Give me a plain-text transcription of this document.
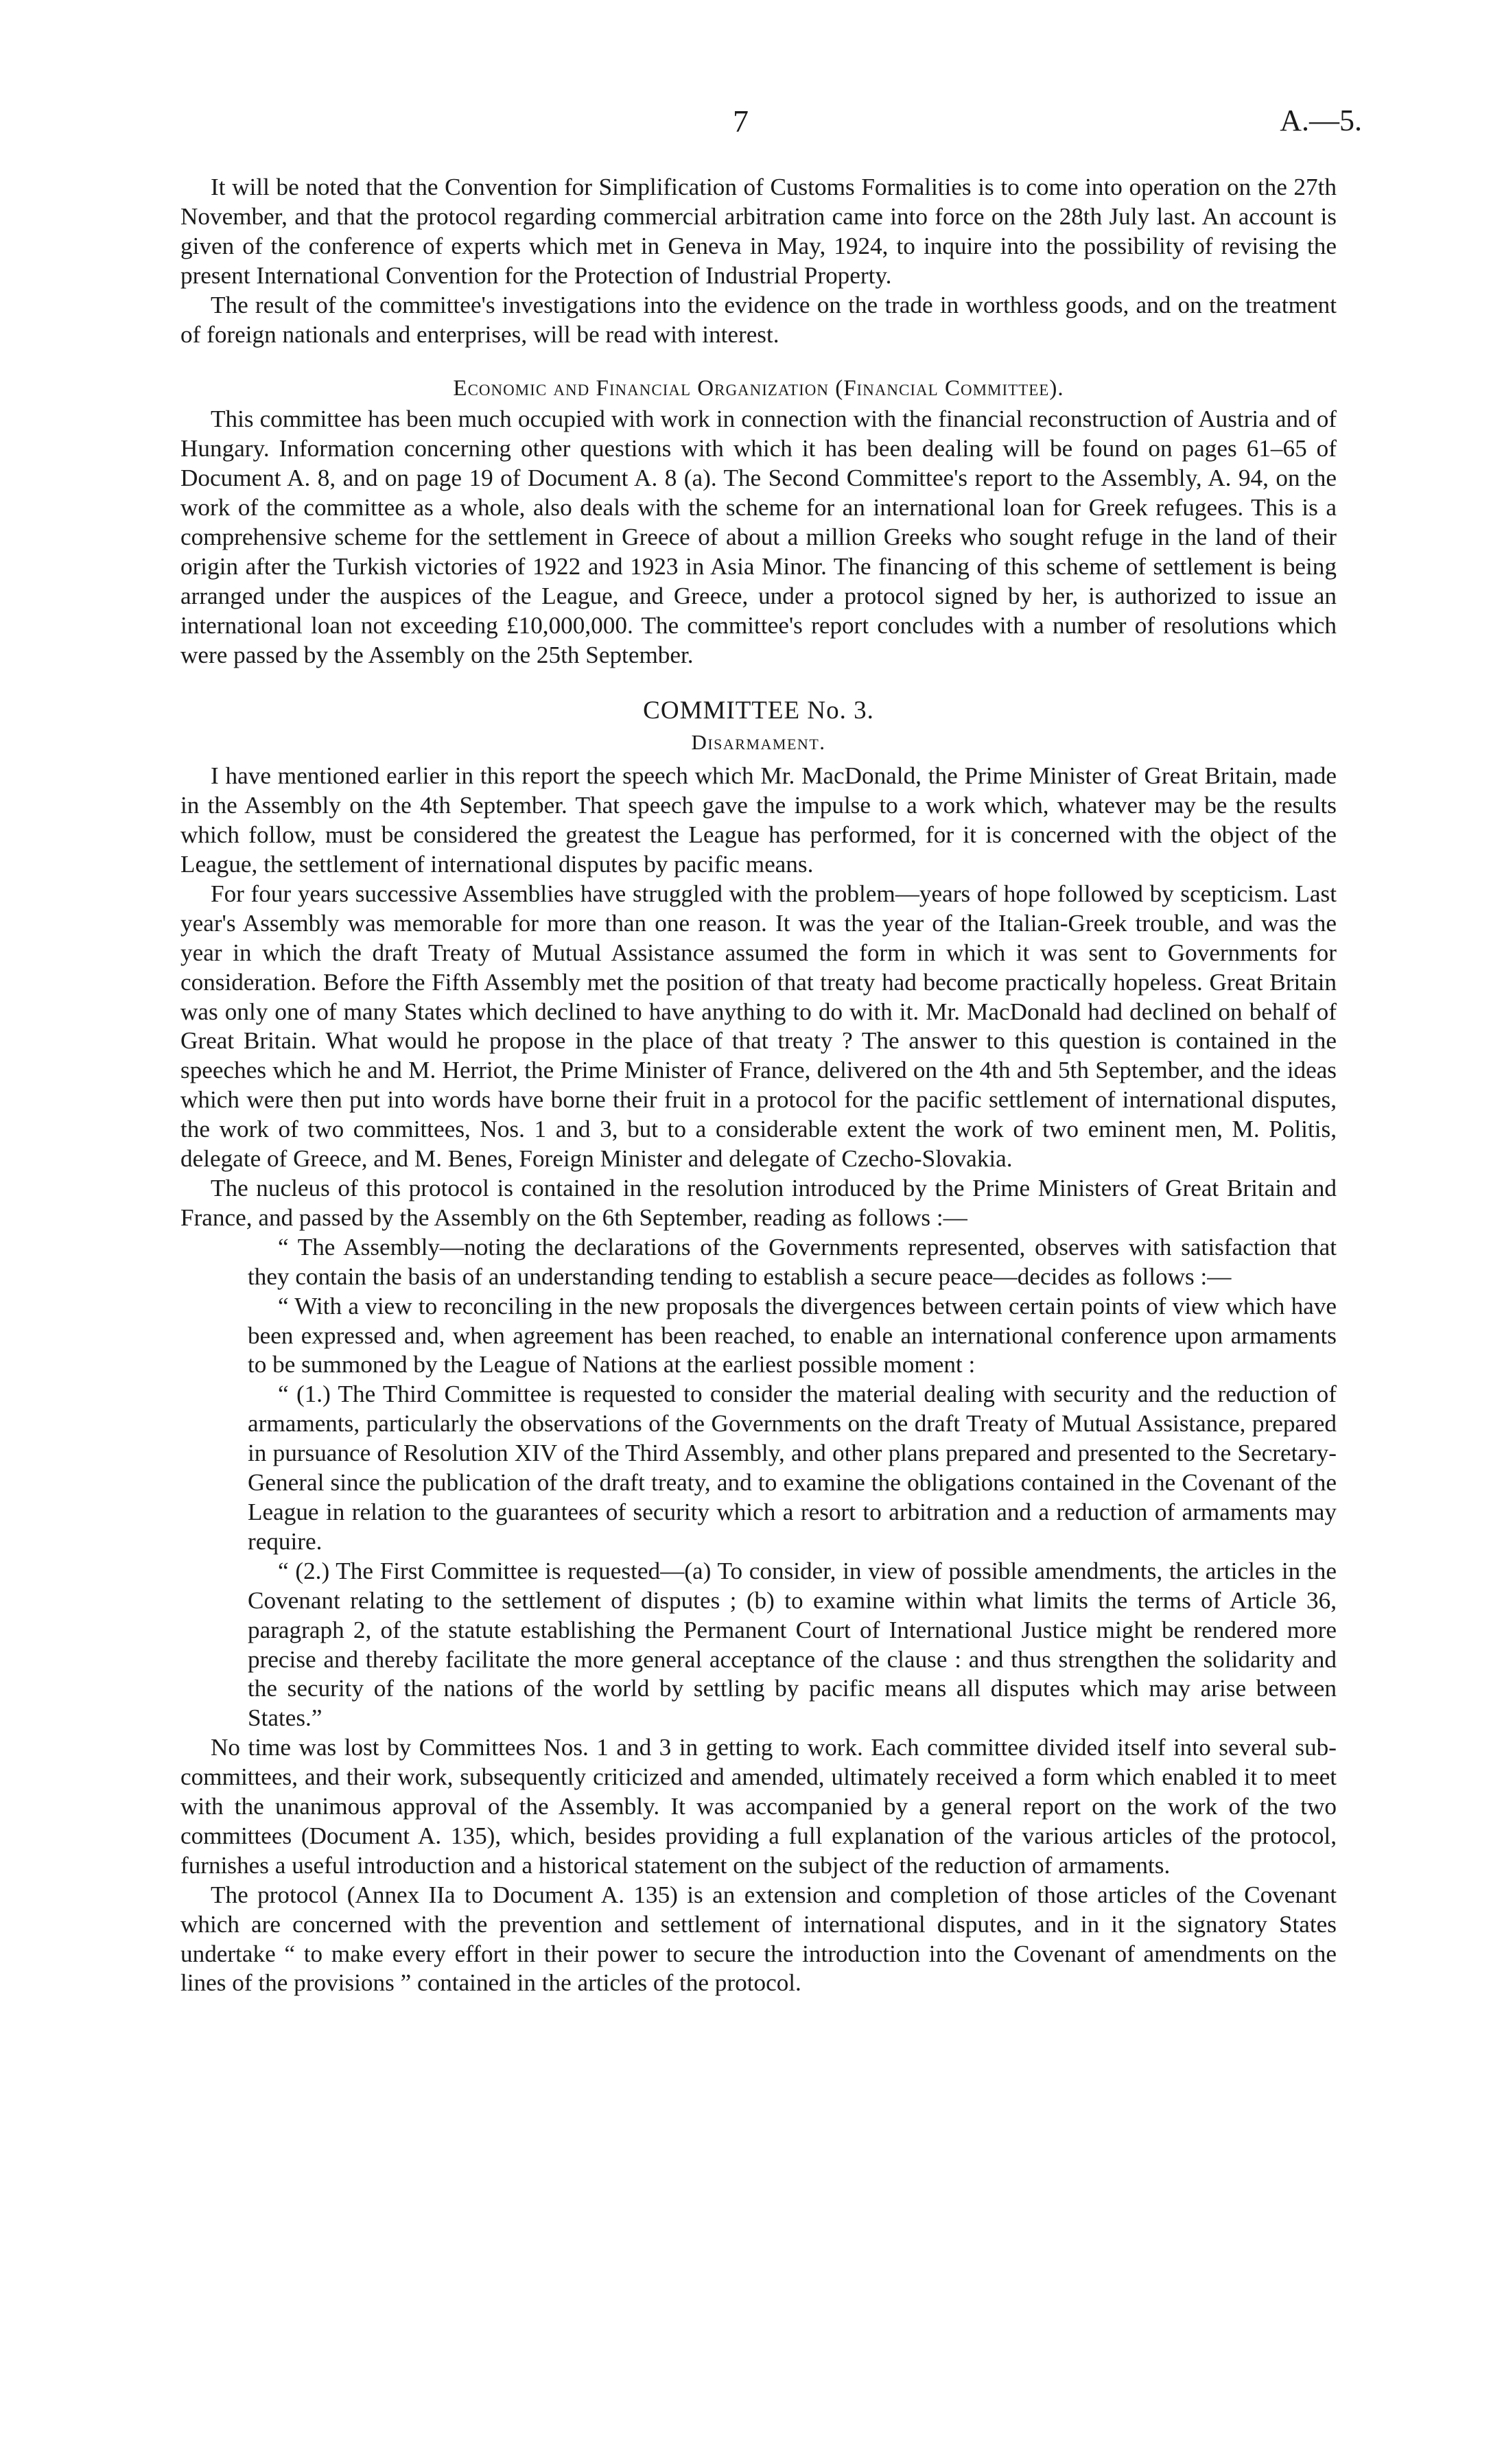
7	A.—5.

It will be noted that the Convention for Simplification of Customs Formalities is to come into operation on the 27th November, and that the protocol regarding commercial arbitration came into force on the 28th July last. An account is given of the conference of experts which met in Geneva in May, 1924, to inquire into the possibility of revising the present International Convention for the Protection of Industrial Property.

The result of the committee's investigations into the evidence on the trade in worthless goods, and on the treatment of foreign nationals and enterprises, will be read with interest.

Economic and Financial Organization (Financial Committee).

This committee has been much occupied with work in connection with the financial reconstruction of Austria and of Hungary. Information concerning other questions with which it has been dealing will be found on pages 61–65 of Document A. 8, and on page 19 of Document A. 8 (a). The Second Committee's report to the Assembly, A. 94, on the work of the committee as a whole, also deals with the scheme for an international loan for Greek refugees. This is a comprehensive scheme for the settlement in Greece of about a million Greeks who sought refuge in the land of their origin after the Turkish victories of 1922 and 1923 in Asia Minor. The financing of this scheme of settlement is being arranged under the auspices of the League, and Greece, under a protocol signed by her, is authorized to issue an international loan not exceeding £10,000,000. The committee's report concludes with a number of resolutions which were passed by the Assembly on the 25th September.

COMMITTEE No. 3.
Disarmament.

I have mentioned earlier in this report the speech which Mr. MacDonald, the Prime Minister of Great Britain, made in the Assembly on the 4th September. That speech gave the impulse to a work which, whatever may be the results which follow, must be considered the greatest the League has performed, for it is concerned with the object of the League, the settlement of international disputes by pacific means.

For four years successive Assemblies have struggled with the problem—years of hope followed by scepticism. Last year's Assembly was memorable for more than one reason. It was the year of the Italian-Greek trouble, and was the year in which the draft Treaty of Mutual Assistance assumed the form in which it was sent to Governments for consideration. Before the Fifth Assembly met the position of that treaty had become practically hopeless. Great Britain was only one of many States which declined to have anything to do with it. Mr. MacDonald had declined on behalf of Great Britain. What would he propose in the place of that treaty ? The answer to this question is contained in the speeches which he and M. Herriot, the Prime Minister of France, delivered on the 4th and 5th September, and the ideas which were then put into words have borne their fruit in a protocol for the pacific settlement of international disputes, the work of two committees, Nos. 1 and 3, but to a considerable extent the work of two eminent men, M. Politis, delegate of Greece, and M. Benes, Foreign Minister and delegate of Czecho-Slovakia.

The nucleus of this protocol is contained in the resolution introduced by the Prime Ministers of Great Britain and France, and passed by the Assembly on the 6th September, reading as follows :—

“ The Assembly—noting the declarations of the Governments represented, observes with satisfaction that they contain the basis of an understanding tending to establish a secure peace—decides as follows :—

“ With a view to reconciling in the new proposals the divergences between certain points of view which have been expressed and, when agreement has been reached, to enable an international conference upon armaments to be summoned by the League of Nations at the earliest possible moment :

“ (1.) The Third Committee is requested to consider the material dealing with security and the reduction of armaments, particularly the observations of the Governments on the draft Treaty of Mutual Assistance, prepared in pursuance of Resolution XIV of the Third Assembly, and other plans prepared and presented to the Secretary-General since the publication of the draft treaty, and to examine the obligations contained in the Covenant of the League in relation to the guarantees of security which a resort to arbitration and a reduction of armaments may require.

“ (2.) The First Committee is requested—(a) To consider, in view of possible amendments, the articles in the Covenant relating to the settlement of disputes ; (b) to examine within what limits the terms of Article 36, paragraph 2, of the statute establishing the Permanent Court of International Justice might be rendered more precise and thereby facilitate the more general acceptance of the clause : and thus strengthen the solidarity and the security of the nations of the world by settling by pacific means all disputes which may arise between States.”

No time was lost by Committees Nos. 1 and 3 in getting to work. Each committee divided itself into several sub-committees, and their work, subsequently criticized and amended, ultimately received a form which enabled it to meet with the unanimous approval of the Assembly. It was accompanied by a general report on the work of the two committees (Document A. 135), which, besides providing a full explanation of the various articles of the protocol, furnishes a useful introduction and a historical statement on the subject of the reduction of armaments.

The protocol (Annex IIa to Document A. 135) is an extension and completion of those articles of the Covenant which are concerned with the prevention and settlement of international disputes, and in it the signatory States undertake “ to make every effort in their power to secure the introduction into the Covenant of amendments on the lines of the provisions ” contained in the articles of the protocol.
